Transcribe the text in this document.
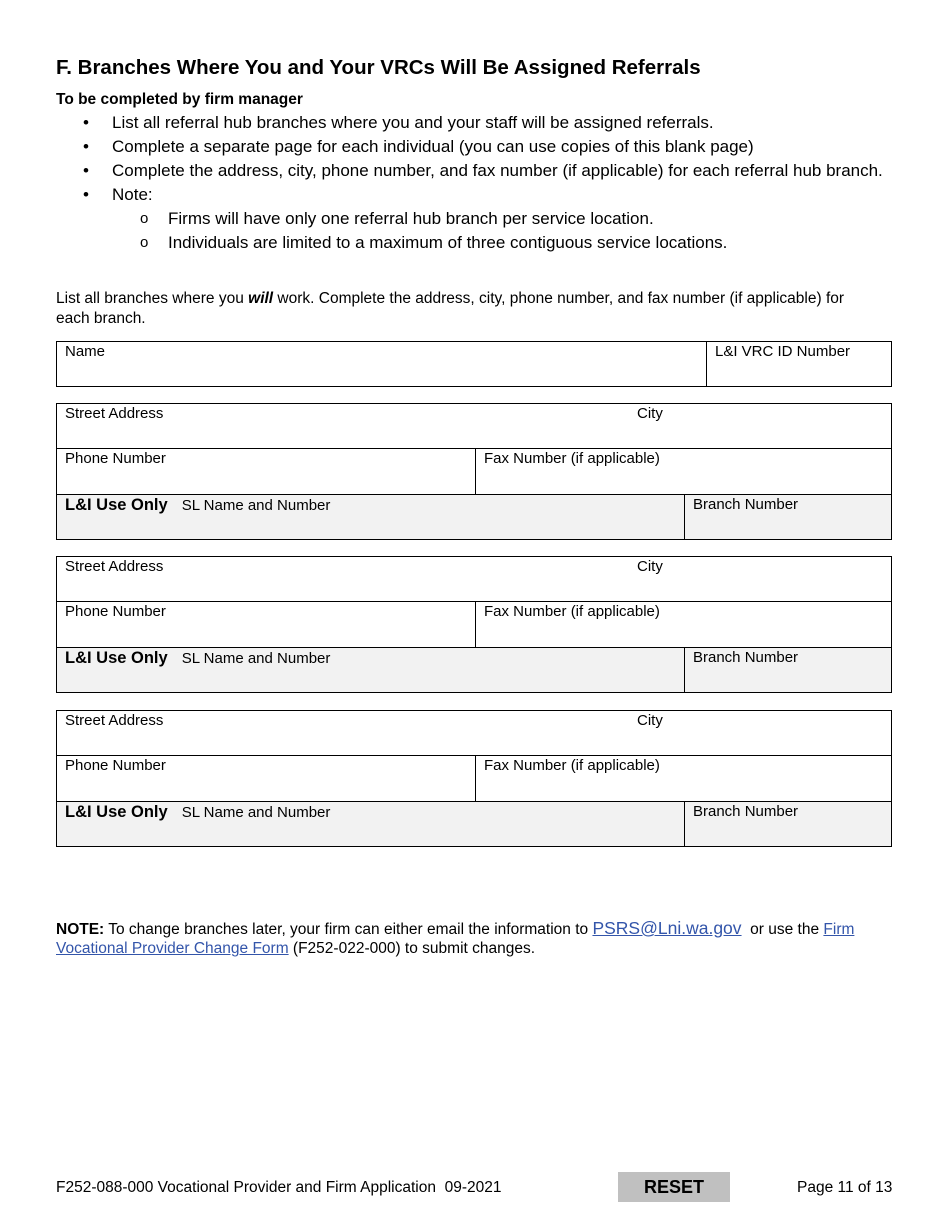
F. Branches Where You and Your VRCs Will Be Assigned Referrals
To be completed by firm manager
• List all referral hub branches where you and your staff will be assigned referrals.
• Complete a separate page for each individual (you can use copies of this blank page)
• Complete the address, city, phone number, and fax number (if applicable) for each referral hub branch.
• Note:
o Firms will have only one referral hub branch per service location.
o Individuals are limited to a maximum of three contiguous service locations.
List all branches where you will work. Complete the address, city, phone number, and fax number (if applicable) for each branch.
Name	L&I VRC ID Number
Street Address	City
Phone Number	Fax Number (if applicable)
L&I Use Only SL Name and Number	Branch Number
Street Address	City
Phone Number	Fax Number (if applicable)
L&I Use Only SL Name and Number	Branch Number
Street Address	City
Phone Number	Fax Number (if applicable)
L&I Use Only SL Name and Number	Branch Number
NOTE: To change branches later, your firm can either email the information to PSRS@Lni.wa.gov  or use the Firm Vocational Provider Change Form (F252-022-000) to submit changes.
F252-088-000 Vocational Provider and Firm Application  09-2021	RESET	Page 11 of 13
